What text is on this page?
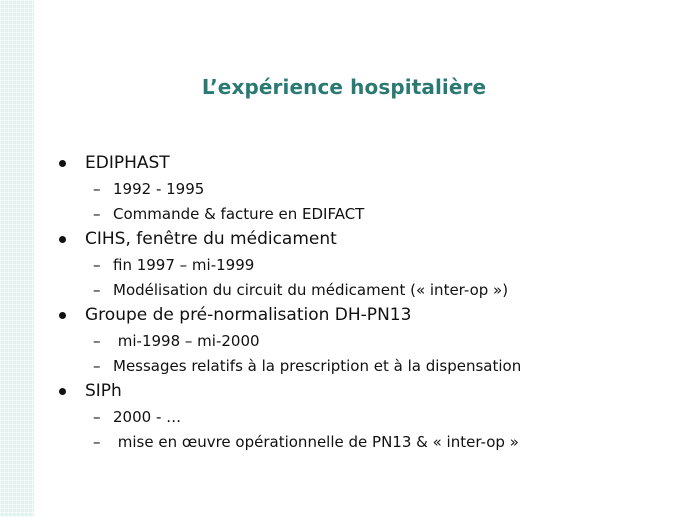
L’expérience hospitalière
EDIPHAST
– 1992 - 1995
– Commande & facture en EDIFACT
CIHS, fenêtre du médicament
– fin 1997 – mi-1999
– Modélisation du circuit du médicament (« inter-op »)
Groupe de pré-normalisation DH-PN13
– mi-1998 – mi-2000
– Messages relatifs à la prescription et à la dispensation
SIPh
– 2000 - …
– mise en œuvre opérationnelle de PN13 & « inter-op »
